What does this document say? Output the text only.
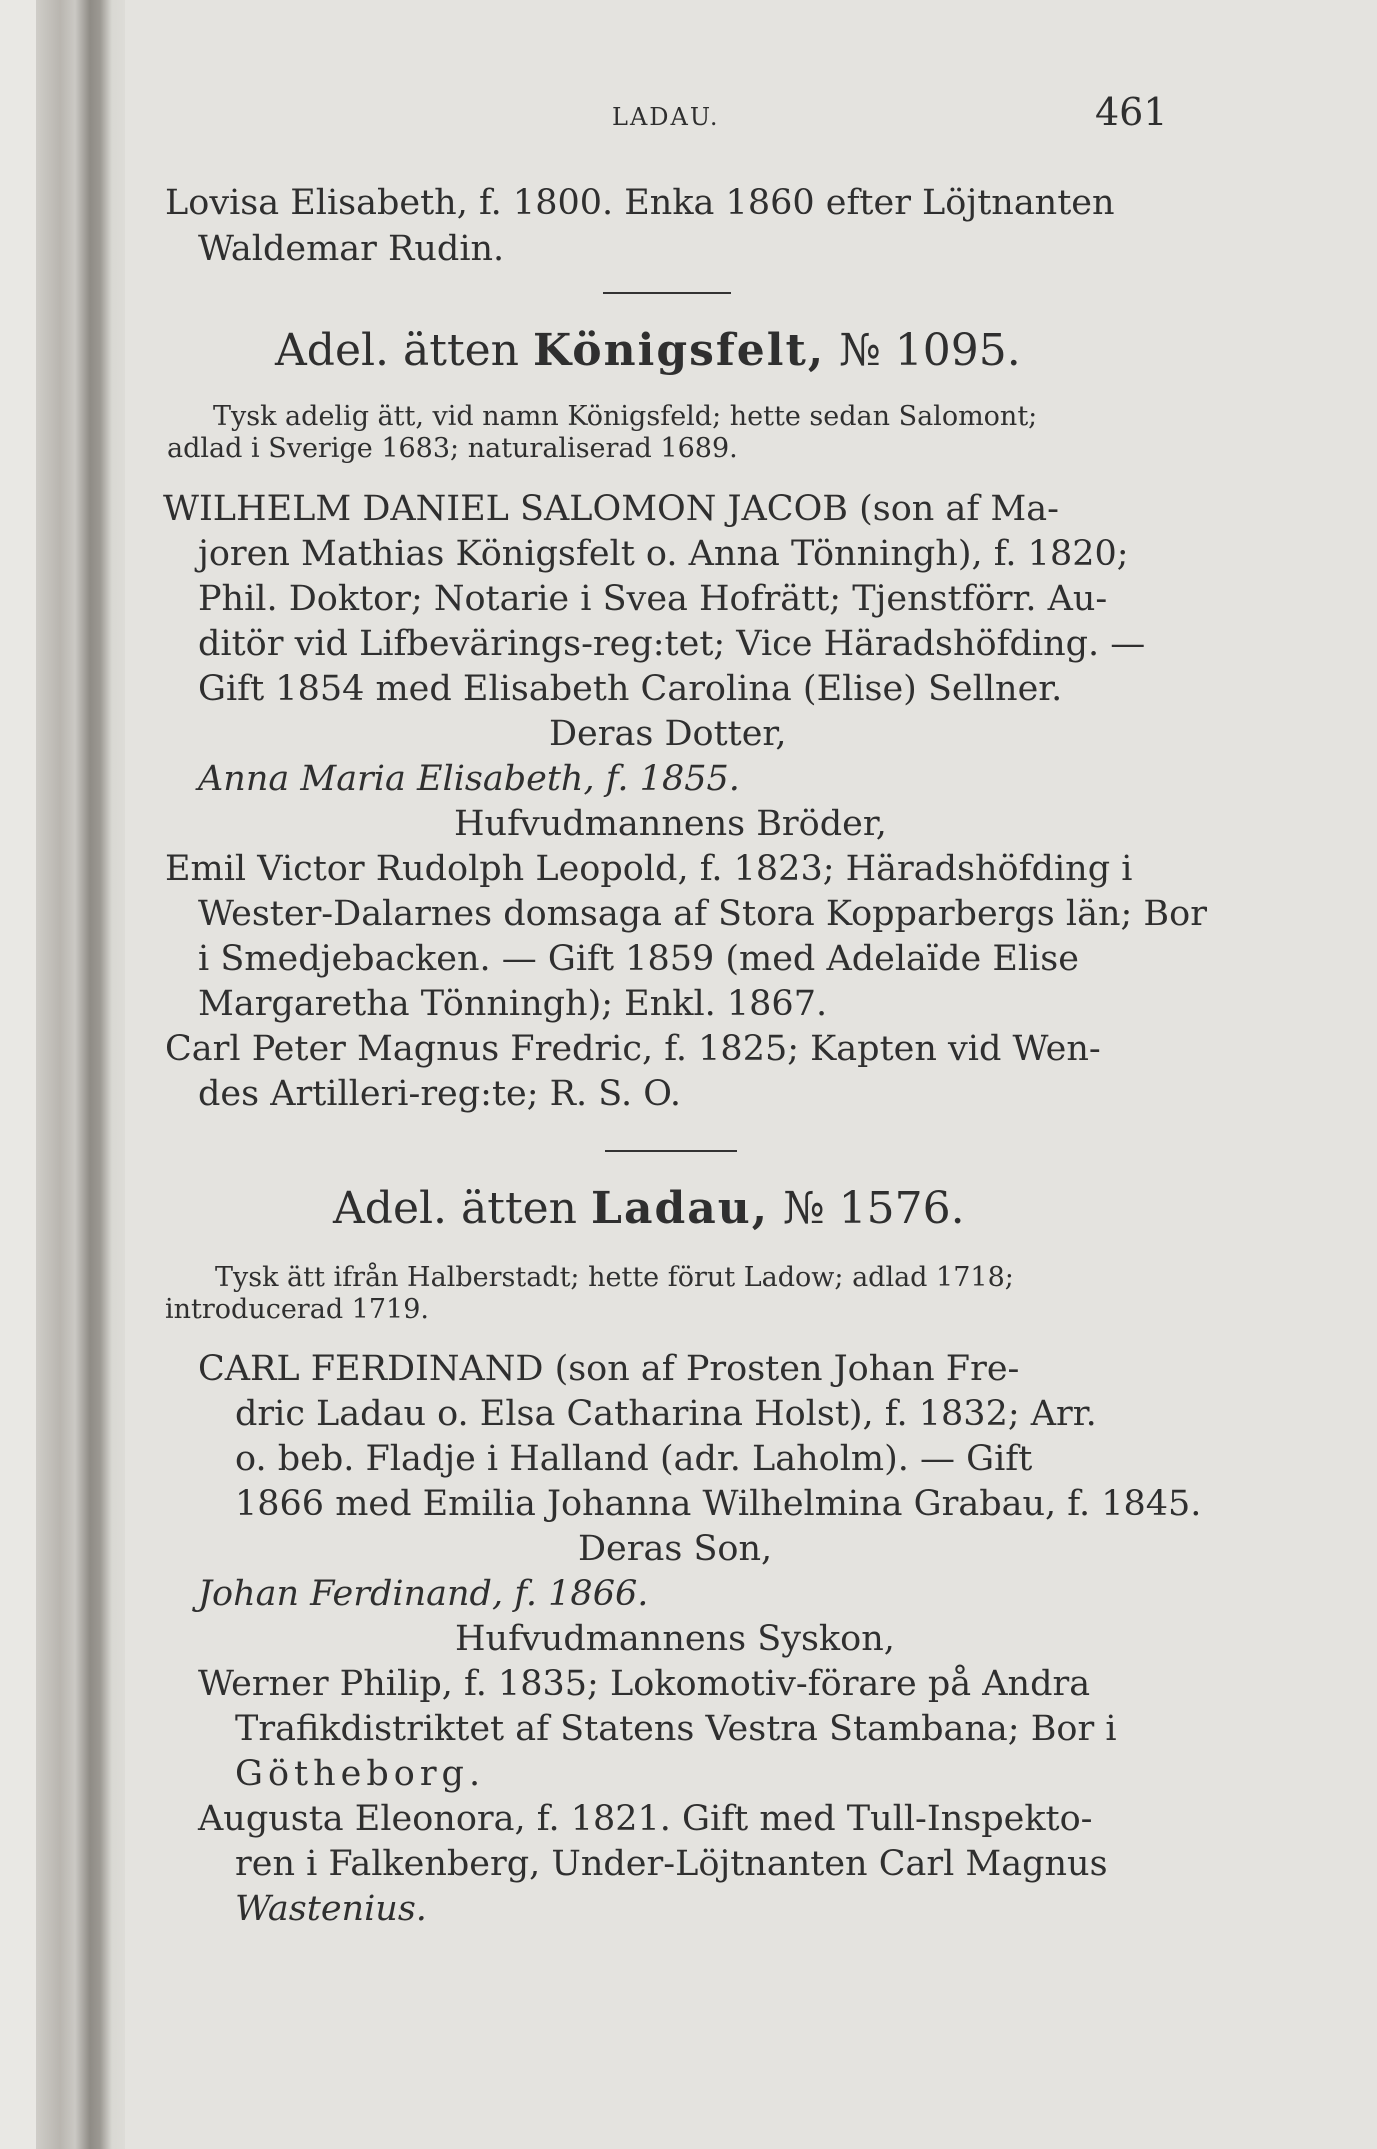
LADAU.	461
Lovisa Elisabeth, f. 1800. Enka 1860 efter Löjtnanten
Waldemar Rudin.
Adel. ätten Königsfelt, № 1095.
Tysk adelig ätt, vid namn Königsfeld; hette sedan Salomont;
adlad i Sverige 1683; naturaliserad 1689.
WILHELM DANIEL SALOMON JACOB (son af Ma-
joren Mathias Königsfelt o. Anna Tönningh), f. 1820;
Phil. Doktor; Notarie i Svea Hofrätt; Tjenstförr. Au-
ditör vid Lifbevärings-reg:tet; Vice Häradshöfding. —
Gift 1854 med Elisabeth Carolina (Elise) Sellner.
Deras Dotter,
Anna Maria Elisabeth, f. 1855.
Hufvudmannens Bröder,
Emil Victor Rudolph Leopold, f. 1823; Häradshöfding i
Wester-Dalarnes domsaga af Stora Kopparbergs län; Bor
i Smedjebacken. — Gift 1859 (med Adelaïde Elise
Margaretha Tönningh); Enkl. 1867.
Carl Peter Magnus Fredric, f. 1825; Kapten vid Wen-
des Artilleri-reg:te; R. S. O.
Adel. ätten Ladau, № 1576.
Tysk ätt ifrån Halberstadt; hette förut Ladow; adlad 1718;
introducerad 1719.
CARL FERDINAND (son af Prosten Johan Fre-
dric Ladau o. Elsa Catharina Holst), f. 1832; Arr.
o. beb. Fladje i Halland (adr. Laholm). — Gift
1866 med Emilia Johanna Wilhelmina Grabau, f. 1845.
Deras Son,
Johan Ferdinand, f. 1866.
Hufvudmannens Syskon,
Werner Philip, f. 1835; Lokomotiv-förare på Andra
Trafikdistriktet af Statens Vestra Stambana; Bor i
Götheborg.
Augusta Eleonora, f. 1821. Gift med Tull-Inspekto-
ren i Falkenberg, Under-Löjtnanten Carl Magnus
Wastenius.
